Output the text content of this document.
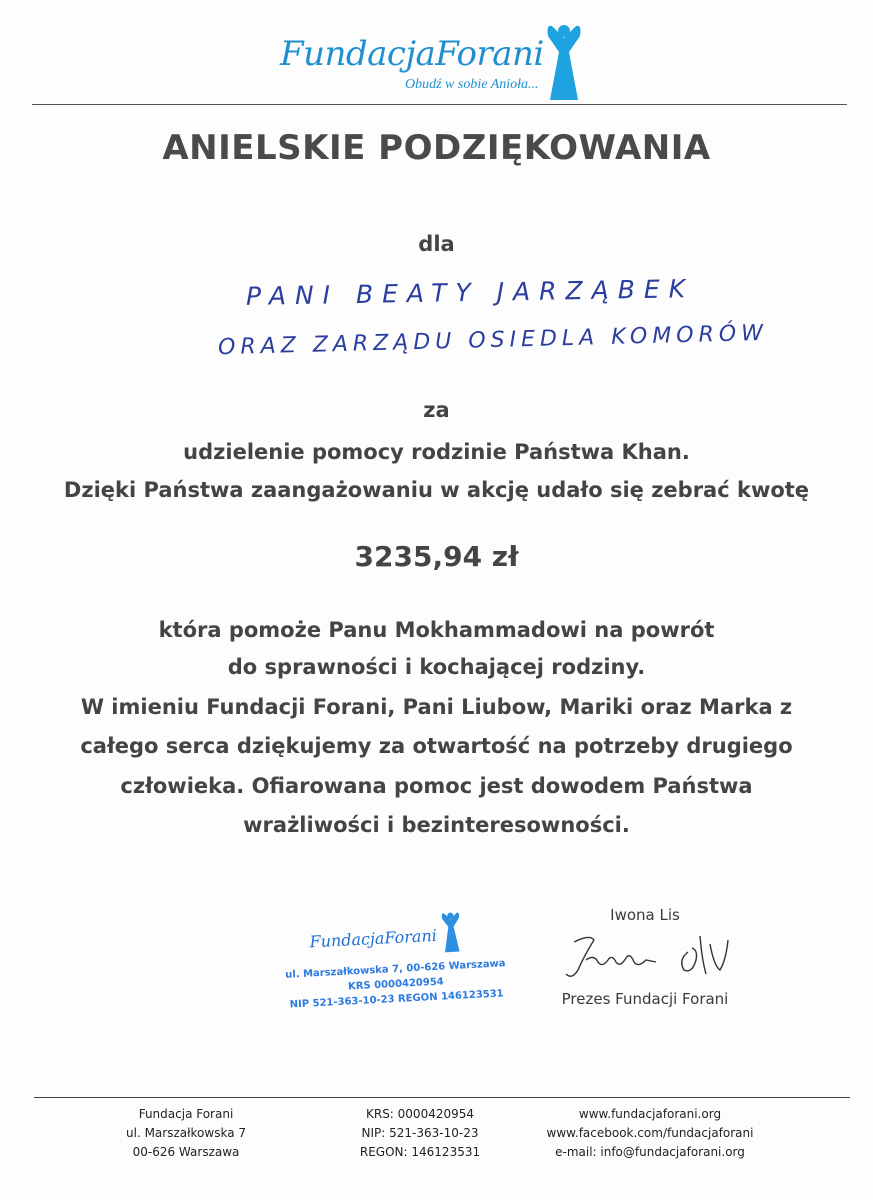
FundacjaForani
Obudź w sobie Anioła...
ANIELSKIE PODZIĘKOWANIA
dla
PANI BEATY JARZĄBEK
ORAZ ZARZĄDU OSIEDLA KOMORÓW
za
udzielenie pomocy rodzinie Państwa Khan.
Dzięki Państwa zaangażowaniu w akcję udało się zebrać kwotę
3235,94 zł
która pomoże Panu Mokhammadowi na powrót
do sprawności i kochającej rodziny.
W imieniu Fundacji Forani, Pani Liubow, Mariki oraz Marka z
całego serca dziękujemy za otwartość na potrzeby drugiego
człowieka. Ofiarowana pomoc jest dowodem Państwa
wrażliwości i bezinteresowności.
FundacjaForani
ul. Marszałkowska 7, 00-626 Warszawa
KRS 0000420954
NIP 521-363-10-23 REGON 146123531
Iwona Lis
Prezes Fundacji Forani
Fundacja Forani
ul. Marszałkowska 7
00-626 Warszawa
KRS: 0000420954
NIP: 521-363-10-23
REGON: 146123531
www.fundacjaforani.org
www.facebook.com/fundacjaforani
e-mail: info@fundacjaforani.org
